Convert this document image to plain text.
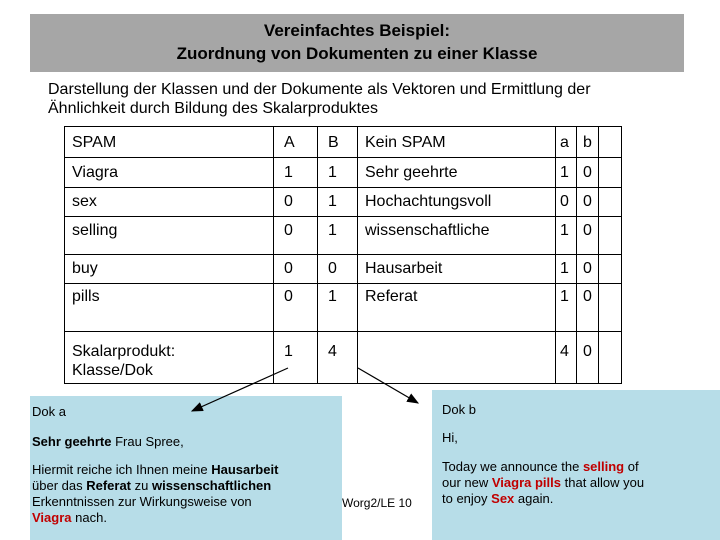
Vereinfachtes Beispiel:
Zuordnung von Dokumenten zu einer Klasse
Darstellung der Klassen und der Dokumente als Vektoren und Ermittlung der
Ähnlichkeit durch Bildung des Skalarproduktes
SPAM	A B Kein SPAM	a b
Viagra	1 1 Sehr geehrte	1 0
sex	0 1 Hochachtungsvoll	0 0
selling	0 1 wissenschaftliche	1 0
buy	0 0 Hausarbeit	1 0
pills	0 1 Referat	1 0
Skalarprodukt:
Klasse/Dok
1 4	4 0
Dok a
Sehr geehrte Frau Spree,
Hiermit reiche ich Ihnen meine Hausarbeit
über das Referat zu wissenschaftlichen
Erkenntnissen zur Wirkungsweise von
Viagra nach.
Worg2/LE 10
Dok b
Hi,
Today we announce the selling of
our new Viagra pills that allow you
to enjoy Sex again.
